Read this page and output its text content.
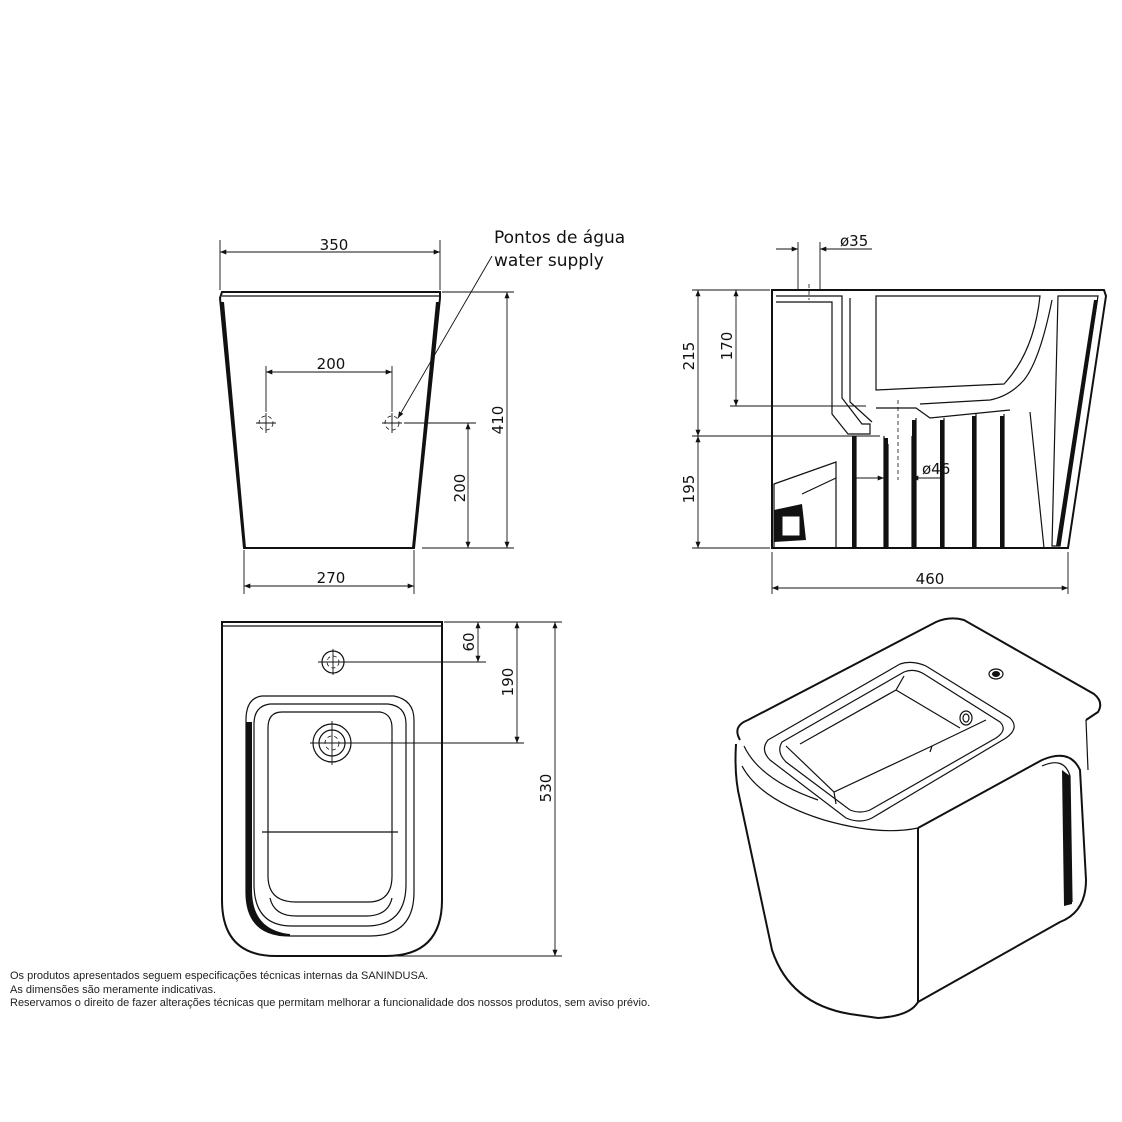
350
200
270
200
410
Pontos de água
water supply
ø35
ø46
215 170
195
460
60
190
530
Os produtos apresentados seguem especificações técnicas internas da SANINDUSA.
As dimensões são meramente indicativas.
Reservamos o direito de fazer alterações técnicas que permitam melhorar a funcionalidade dos nossos produtos, sem aviso prévio.
